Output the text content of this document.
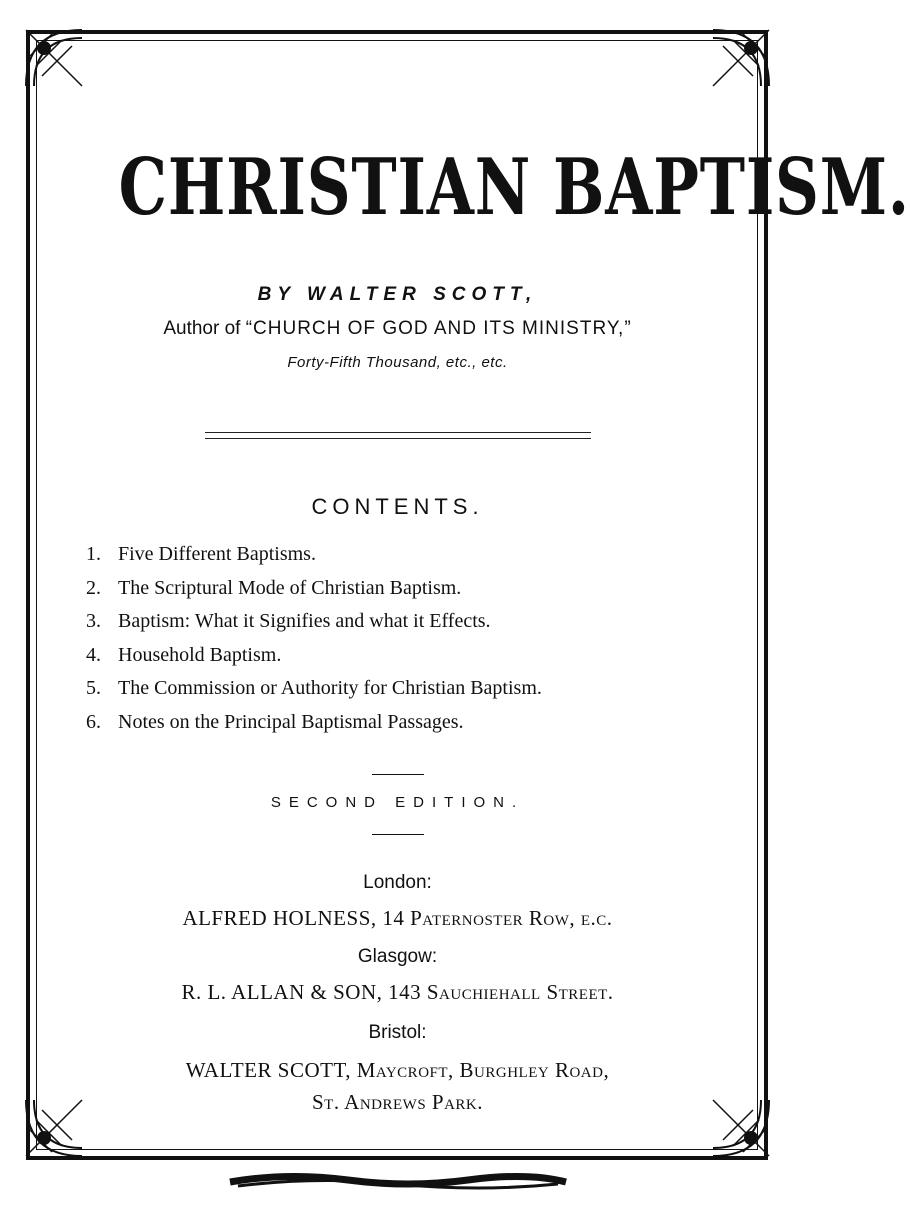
CHRISTIAN BAPTISM.
BY WALTER SCOTT,
Author of “CHURCH OF GOD AND ITS MINISTRY,”
Forty-Fifth Thousand, etc., etc.
CONTENTS.
1. Five Different Baptisms.
2. The Scriptural Mode of Christian Baptism.
3. Baptism: What it Signifies and what it Effects.
4. Household Baptism.
5. The Commission or Authority for Christian Baptism.
6. Notes on the Principal Baptismal Passages.
SECOND EDITION.
London:
ALFRED HOLNESS, 14 Paternoster Row, e.c.
Glasgow:
R. L. ALLAN & SON, 143 Sauchiehall Street.
Bristol:
WALTER SCOTT, Maycroft, Burghley Road,
St. Andrews Park.
